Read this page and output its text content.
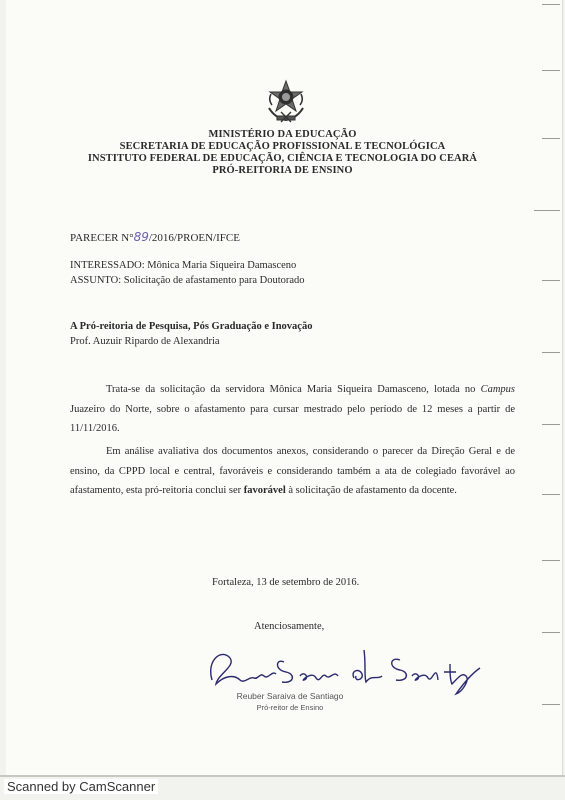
MINISTÉRIO DA EDUCAÇÃO
SECRETARIA DE EDUCAÇÃO PROFISSIONAL E TECNOLÓGICA
INSTITUTO FEDERAL DE EDUCAÇÃO, CIÊNCIA E TECNOLOGIA DO CEARÁ
PRÓ-REITORIA DE ENSINO
PARECER N°89/2016/PROEN/IFCE
INTERESSADO: Mônica Maria Siqueira Damasceno
ASSUNTO: Solicitação de afastamento para Doutorado
A Pró-reitoria de Pesquisa, Pós Graduação e Inovação
Prof. Auzuir Ripardo de Alexandria
Trata-se da solicitação da servidora Mônica Maria Siqueira Damasceno, lotada no Campus Juazeiro do Norte, sobre o afastamento para cursar mestrado pelo período de 12 meses a partir de 11/11/2016.
Em análise avaliativa dos documentos anexos, considerando o parecer da Direção Geral e de ensino, da CPPD local e central, favoráveis e considerando também a ata de colegiado favorável ao afastamento, esta pró-reitoria conclui ser favorável à solicitação de afastamento da docente.
Fortaleza, 13 de setembro de 2016.
Atenciosamente,
Reuber Saraiva de Santiago
Pró-reitor de Ensino
Scanned by CamScanner
